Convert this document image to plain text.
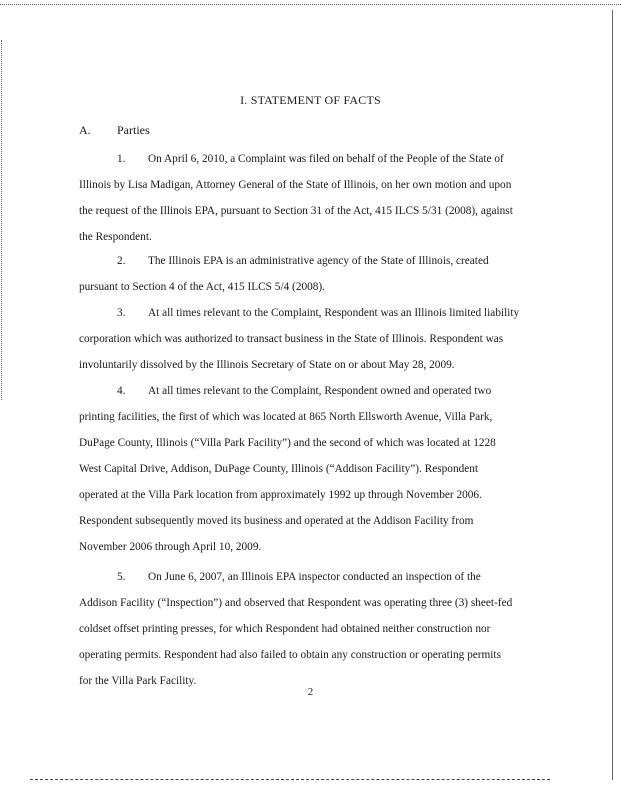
I. STATEMENT OF FACTS
A. Parties

1. On April 6, 2010, a Complaint was filed on behalf of the People of the State of
Illinois by Lisa Madigan, Attorney General of the State of Illinois, on her own motion and upon
the request of the Illinois EPA, pursuant to Section 31 of the Act, 415 ILCS 5/31 (2008), against
the Respondent.

2. The Illinois EPA is an administrative agency of the State of Illinois, created
pursuant to Section 4 of the Act, 415 ILCS 5/4 (2008).

3. At all times relevant to the Complaint, Respondent was an Illinois limited liability
corporation which was authorized to transact business in the State of Illinois. Respondent was
involuntarily dissolved by the Illinois Secretary of State on or about May 28, 2009.

4. At all times relevant to the Complaint, Respondent owned and operated two
printing facilities, the first of which was located at 865 North Ellsworth Avenue, Villa Park,
DuPage County, Illinois (“Villa Park Facility”) and the second of which was located at 1228
West Capital Drive, Addison, DuPage County, Illinois (“Addison Facility”). Respondent
operated at the Villa Park location from approximately 1992 up through November 2006.
Respondent subsequently moved its business and operated at the Addison Facility from
November 2006 through April 10, 2009.

5. On June 6, 2007, an Illinois EPA inspector conducted an inspection of the
Addison Facility (“Inspection”) and observed that Respondent was operating three (3) sheet-fed
coldset offset printing presses, for which Respondent had obtained neither construction nor
operating permits. Respondent had also failed to obtain any construction or operating permits
for the Villa Park Facility.

2
